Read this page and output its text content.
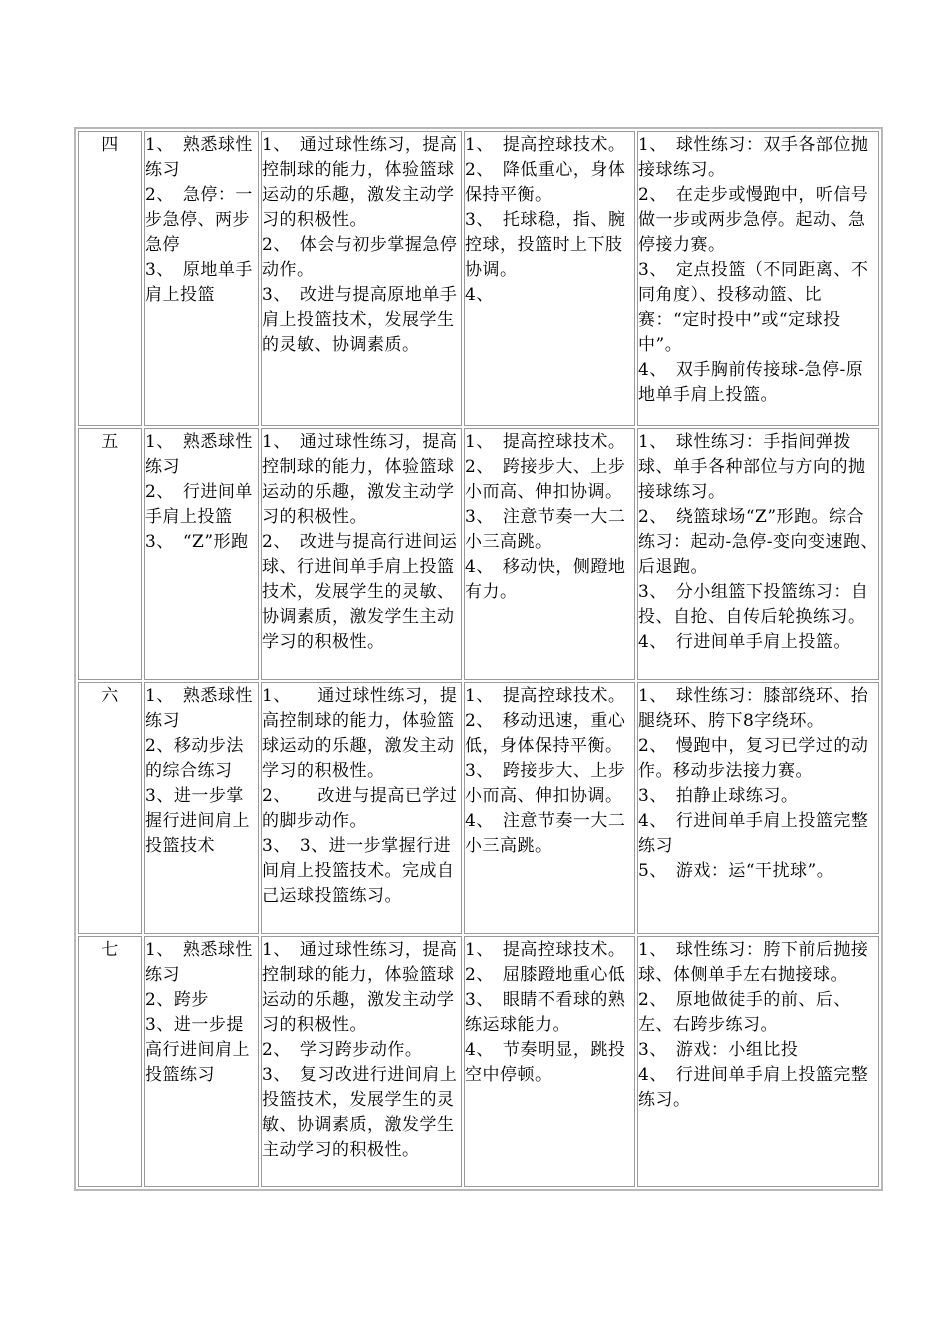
四	1、　熟悉球性练习
2、　急停：一步急停、两步急停
3、　原地单手肩上投篮	1、　通过球性练习，提高控制球的能力，体验篮球运动的乐趣，激发主动学习的积极性。
2、　体会与初步掌握急停动作。
3、　改进与提高原地单手肩上投篮技术，发展学生的灵敏、协调素质。	1、　提高控球技术。
2、　降低重心，身体保持平衡。
3、　托球稳，指、腕控球，投篮时上下肢协调。
4、	1、　球性练习：双手各部位抛接球练习。
2、　在走步或慢跑中，听信号做一步或两步急停。起动、急停接力赛。
3、　定点投篮（不同距离、不同角度）、投移动篮、比赛：“定时投中”或“定球投中”。
4、　双手胸前传接球-急停-原地单手肩上投篮。

五	1、　熟悉球性练习
2、　行进间单手肩上投篮
3、　“Z”形跑	1、　通过球性练习，提高控制球的能力，体验篮球运动的乐趣，激发主动学习的积极性。
2、　改进与提高行进间运球、行进间单手肩上投篮技术，发展学生的灵敏、协调素质，激发学生主动学习的积极性。	1、　提高控球技术。
2、　跨接步大、上步小而高、伸扣协调。
3、　注意节奏一大二小三高跳。
4、　移动快，侧蹬地有力。	1、　球性练习：手指间弹拨球、单手各种部位与方向的抛接球练习。
2、　绕篮球场“Z”形跑。综合练习：起动-急停-变向变速跑、后退跑。
3、　分小组篮下投篮练习：自投、自抢、自传后轮换练习。
4、　行进间单手肩上投篮。

六	1、　熟悉球性练习
2、移动步法的综合练习
3、进一步掌握行进间肩上投篮技术	1、　　通过球性练习，提高控制球的能力，体验篮球运动的乐趣，激发主动学习的积极性。
2、　　改进与提高已学过的脚步动作。
3、　3、进一步掌握行进间肩上投篮技术。完成自己运球投篮练习。	1、　提高控球技术。
2、　移动迅速，重心低，身体保持平衡。
3、　跨接步大、上步小而高、伸扣协调。
4、　注意节奏一大二小三高跳。	1、　球性练习：膝部绕环、抬腿绕环、胯下8字绕环。
2、　慢跑中，复习已学过的动作。移动步法接力赛。
3、　拍静止球练习。
4、　行进间单手肩上投篮完整练习
5、　游戏：运“干扰球”。

七	1、　熟悉球性练习
2、跨步
3、进一步提高行进间肩上投篮练习	1、　通过球性练习，提高控制球的能力，体验篮球运动的乐趣，激发主动学习的积极性。
2、　学习跨步动作。
3、　复习改进行进间肩上投篮技术，发展学生的灵敏、协调素质，激发学生主动学习的积极性。	1、　提高控球技术。
2、　屈膝蹬地重心低
3、　眼睛不看球的熟练运球能力。
4、　节奏明显，跳投空中停顿。	1、　球性练习：胯下前后抛接球、体侧单手左右抛接球。
2、　原地做徒手的前、后、左、右跨步练习。
3、　游戏：小组比投
4、　行进间单手肩上投篮完整练习。
